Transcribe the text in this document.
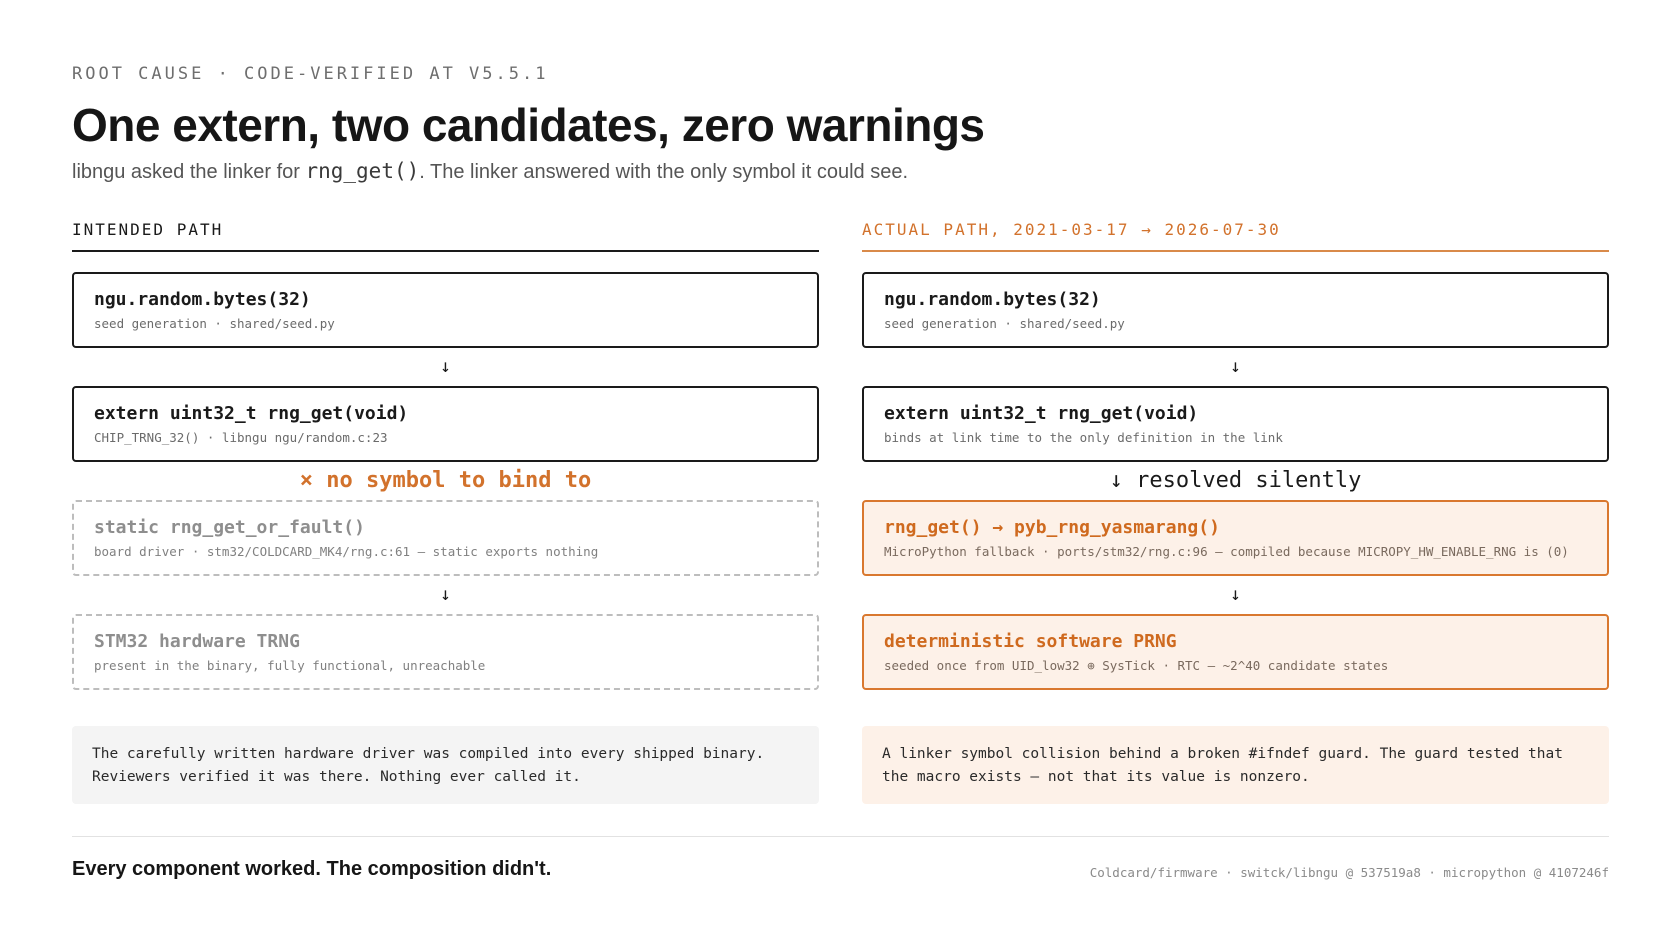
ROOT CAUSE · CODE-VERIFIED AT V5.5.1
One extern, two candidates, zero warnings
libngu asked the linker for rng_get(). The linker answered with the only symbol it could see.
INTENDED PATH
ngu.random.bytes(32)
seed generation · shared/seed.py
↓
extern uint32_t rng_get(void)
CHIP_TRNG_32() · libngu ngu/random.c:23
× no symbol to bind to
static rng_get_or_fault()
board driver · stm32/COLDCARD_MK4/rng.c:61 — static exports nothing
↓
STM32 hardware TRNG
present in the binary, fully functional, unreachable
The carefully written hardware driver was compiled into every shipped binary.
Reviewers verified it was there. Nothing ever called it.
ACTUAL PATH, 2021-03-17 → 2026-07-30
ngu.random.bytes(32)
seed generation · shared/seed.py
↓
extern uint32_t rng_get(void)
binds at link time to the only definition in the link
↓ resolved silently
rng_get() → pyb_rng_yasmarang()
MicroPython fallback · ports/stm32/rng.c:96 — compiled because MICROPY_HW_ENABLE_RNG is (0)
↓
deterministic software PRNG
seeded once from UID_low32 ⊕ SysTick · RTC — ~2^40 candidate states
A linker symbol collision behind a broken #ifndef guard. The guard tested that
the macro exists — not that its value is nonzero.
Every component worked. The composition didn't.	Coldcard/firmware · switck/libngu @ 537519a8 · micropython @ 4107246f
